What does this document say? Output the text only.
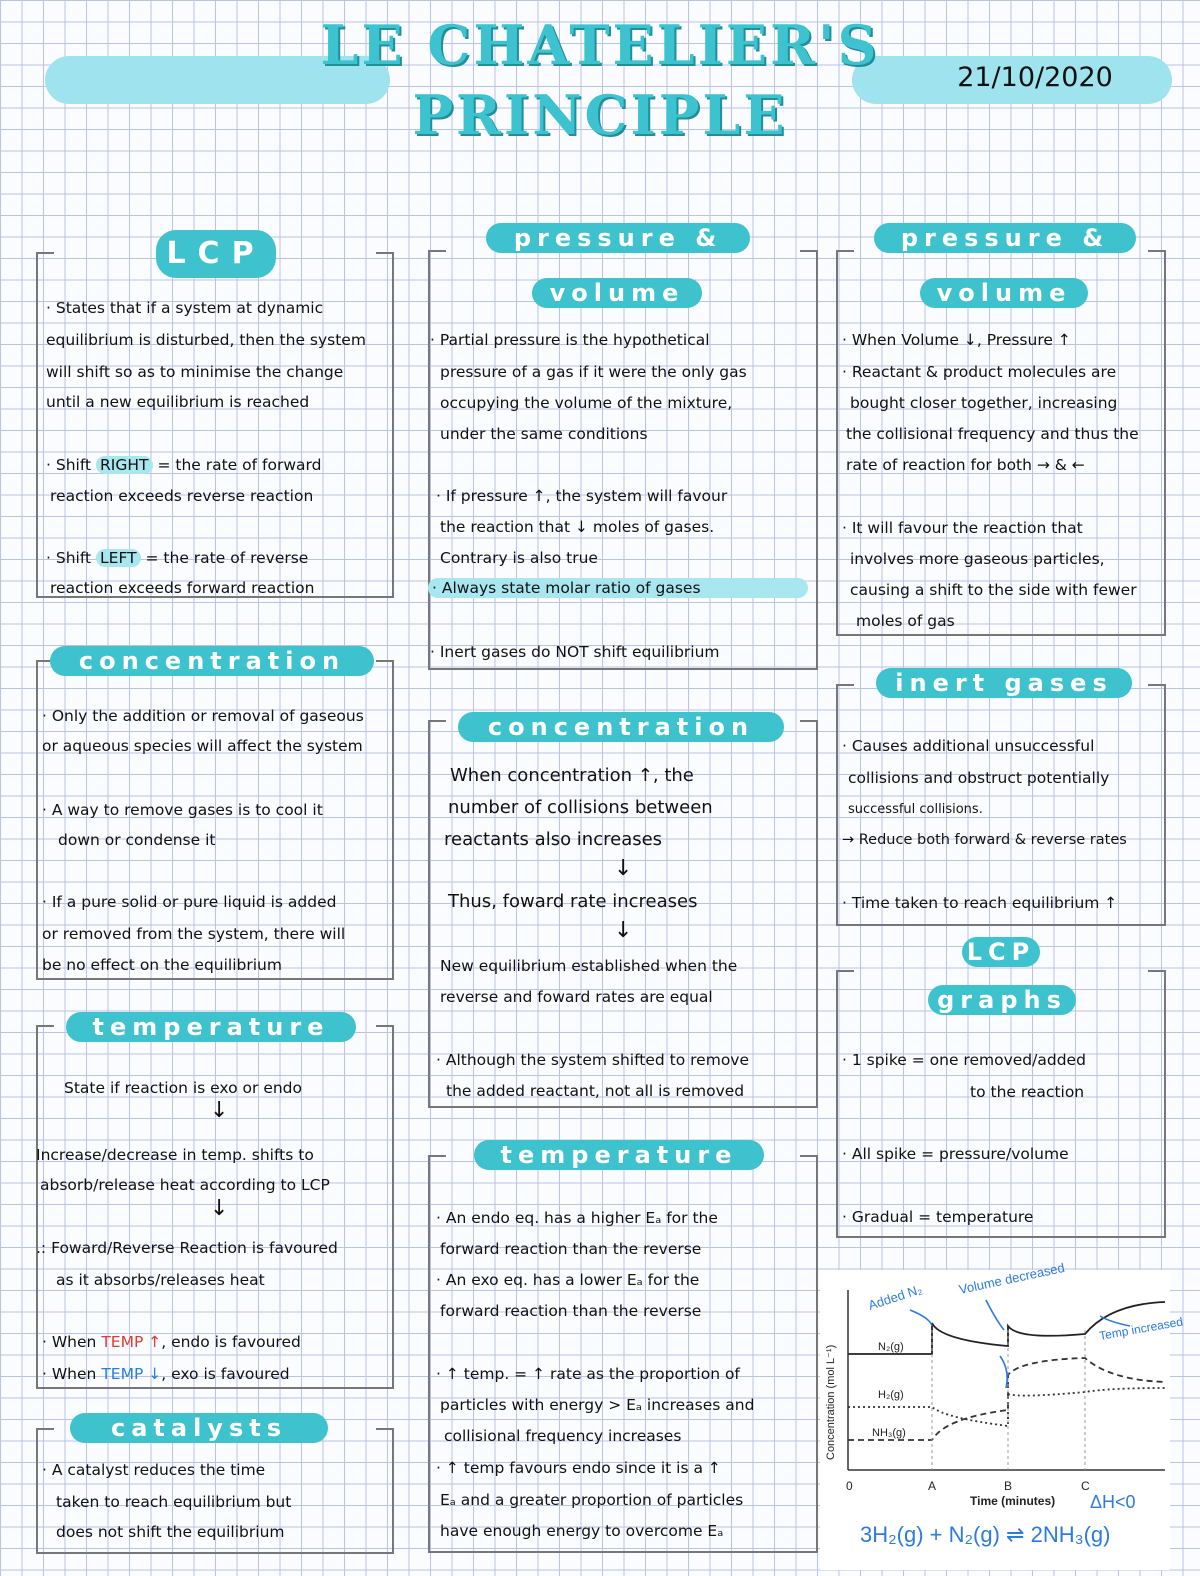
LE CHATELIER'S
PRINCIPLE
21/10/2020
LCP
· States that if a system at dynamic
equilibrium is disturbed, then the system
will shift so as to minimise the change
until a new equilibrium is reached
· Shift RIGHT = the rate of forward
reaction exceeds reverse reaction
· Shift LEFT = the rate of reverse
reaction exceeds forward reaction
concentration
· Only the addition or removal of gaseous
or aqueous species will affect the system
· A way to remove gases is to cool it
down or condense it
· If a pure solid or pure liquid is added
or removed from the system, there will
be no effect on the equilibrium
temperature
State if reaction is exo or endo
↓
Increase/decrease in temp. shifts to
absorb/release heat according to LCP
↓
.: Foward/Reverse Reaction is favoured
as it absorbs/releases heat
· When TEMP ↑, endo is favoured
· When TEMP ↓, exo is favoured
catalysts
· A catalyst reduces the time
taken to reach equilibrium but
does not shift the equilibrium
pressure &
volume
· Partial pressure is the hypothetical
pressure of a gas if it were the only gas
occupying the volume of the mixture,
under the same conditions
· If pressure ↑, the system will favour
the reaction that ↓ moles of gases.
Contrary is also true
· Always state molar ratio of gases
· Inert gases do NOT shift equilibrium
concentration
When concentration ↑, the
number of collisions between
reactants also increases
↓
Thus, foward rate increases
↓
New equilibrium established when the
reverse and foward rates are equal
· Although the system shifted to remove
the added reactant, not all is removed
temperature
· An endo eq. has a higher Eₐ for the
forward reaction than the reverse
· An exo eq. has a lower Eₐ for the
forward reaction than the reverse
· ↑ temp. = ↑ rate as the proportion of
particles with energy > Eₐ increases and
collisional frequency increases
· ↑ temp favours endo since it is a ↑
Eₐ and a greater proportion of particles
have enough energy to overcome Eₐ
pressure &
volume
· When Volume ↓, Pressure ↑
· Reactant & product molecules are
bought closer together, increasing
the collisional frequency and thus the
rate of reaction for both → & ←
· It will favour the reaction that
involves more gaseous particles,
causing a shift to the side with fewer
moles of gas
inert gases
· Causes additional unsuccessful
collisions and obstruct potentially
successful collisions.
→ Reduce both forward & reverse rates
· Time taken to reach equilibrium ↑
LCP
graphs
· 1 spike = one removed/added
to the reaction
· All spike = pressure/volume
· Gradual = temperature
Concentration (mol L⁻¹)
Time (minutes)
0	A	B	C
N₂(g)
H₂(g)
NH₃(g)
Added N₂
Volume decreased
Temp increased
ΔH<0
3H₂(g) + N₂(g) ⇌ 2NH₃(g)
